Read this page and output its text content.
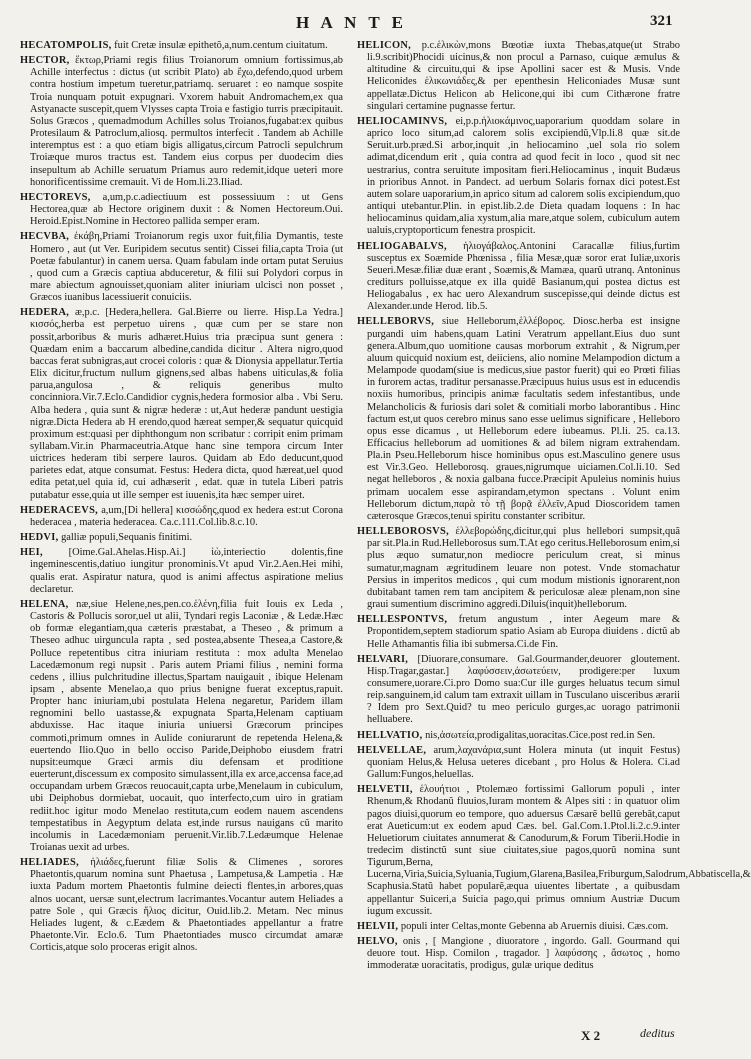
H A N T E	321

HECATOMPOLIS, fuit Cretæ insulæ epithetõ,a,num.centum ciuitatum.

HECTOR, ἕκτωρ,Priami regis filius Troianorum omnium fortissimus,ab Achille interfectus : dictus (ut scribit Plato) ab ἔχω,defendo,quod urbem contra hostium impetum tueretur,patriamq. seruaret : eo namque sospite Troia nunquam potuit expugnari. Vxorem habuit Andromachem,ex qua Astyanacte suscepit,quem Vlysses capta Troia e fastigio turris præcipitauit. Solus Græcos , quemadmodum Achilles solus Troianos,fugabat:ex quibus Protesilaum & Patroclum,aliosq. permultos interfecit . Tandem ab Achille interemptus est : a quo etiam bigis alligatus,circum Patrocli sepulchrum Troiæque muros tractus est. Tandem eius corpus per duodecim dies insepultum ab Achille seruatum Priamus auro redemit,idque ueteri more honorificentissime cremauit. Vi de Hom.li.23.Iliad.

HECTOREVS, a,um,p.c.adiectiuum est possessiuum : ut Gens Hectorea,quæ ab Hectore originem duxit : & Nomen Hectoreum.Oui. Heroid.Epist.Nomine in Hectoreo pallida semper eram.

HECVBA, ἑκάβη,Priami Troianorum regis uxor fuit,filia Dymantis, teste Homero , aut (ut Ver. Euripidem secutus sentit) Cissei filia,capta Troia (ut Poetæ fabulantur) in canem uersa. Quam fabulam inde ortam putat Seruius , quod cum a Græcis captiua abduceretur, & filii sui Polydori corpus in mare abiectum agnouisset,quoniam aliter iniuriam ulcisci non posset , Græcos iuanibus lacessiuerit conuiciis.

HEDERA, æ,p.c. [Hedera,hellera. Gal.Bierre ou lierre. Hisp.La Yedra.] κισσός,herba est perpetuo uirens , quæ cum per se stare non possit,arboribus & muris adhæret.Huius tria præcipua sunt genera : Quædam enim a baccarum albedine,candida dicitur . Altera nigro,quod baccas ferat subnigras,aut crocei coloris : quæ & Dionysia appellatur.Tertia Elix dicitur,fructum nullum gignens,sed albas habens uiticulas,& folia parua,angulosa , & reliquis generibus multo concinniora.Vir.7.Eclo.Candidior cygnis,hedera formosior alba . Vbi Seru. Alba hedera , quia sunt & nigræ hederæ : ut,Aut hederæ pandunt uestigia nigræ.Dicta Hedera ab H erendo,quod hæreat semper,& sequatur quicquid proximum est:quasi per diphthongum non scribatur : corripit enim primam syllabam.Vir.in Pharmaceutria.Atque hanc sine tempora circum Inter uictrices hederam tibi serpere lauros. Quidam ab Edo deducunt,quod parietes edat, atque consumat. Festus: Hedera dicta, quod hæreat,uel quod edita petat,uel quia id, cui adhæserit , edat. quæ in tutela Liberi patris putabatur esse,quia ut ille semper est iuuenis,ita hæc semper uiret.

HEDERACEVS, a,um,[Di hellera] κισσώδης,quod ex hedera est:ut Corona hederacea , materia hederacea. Ca.c.111.Col.lib.8.c.10.

HEDVI, galliæ populi,Sequanis finitimi.

HEI, [Oime.Gal.Ahelas.Hisp.Ai.] ἰὼ,interiectio dolentis,fine ingeminescentis,datiuo iungitur pronominis.Vt apud Vir.2.Aen.Hei mihi, qualis erat. Aspiratur natura, quod is animi affectus aspiratione melius declaretur.

HELENA, næ,siue Helene,nes,pen.co.ἑλένη,filia fuit Iouis ex Leda , Castoris & Pollucis soror,uel ut alii, Tyndari regis Laconiæ , & Ledæ.Hæc ob formæ elegantiam,qua cæteris præstabat, a Theseo , & primum a Theseo adhuc uirguncula rapta , sed postea,absente Thesea,a Castore,& Polluce repetentibus citra iniuriam restituta : mox adulta Menelao Lacedæmonum regi nupsit . Paris autem Priami filius , nemini forma cedens , illius pulchritudine illectus,Spartam nauigauit , ibique Helenam ipsam , absente Menelao,a quo prius benigne fuerat exceptus,rapuit. Propter hanc iniuriam,ubi postulata Helena negaretur, Paridem illam regnomini bello uastasse,& expugnata Sparta,Helenam captiuam abduxisse. Hac itaque iniuria uniuersi Græcorum principes commoti,primum omnes in Aulide coniurarunt de repetenda Helena,& euertendo Ilio.Quo in bello occiso Paride,Deiphobo eiusdem fratri nupsit:eumque Græci armis diu defensam et proditione euerterunt,discessum ex composito simulassent,illa ex arce,accensa face,ad occupandam urbem Græcos reuocauit,capta urbe,Menelaum in cubiculum, ubi Deiphobus dormiebat, uocauit, quo interfecto,cum uiro in gratiam rediit.hoc igitur modo Menelao restituta,cum eodem nauem ascendens tempestatibus in Aegyptum delata est,inde rursus nauigans cũ marito incolumis in Lacedæmoniam peruenit.Vir.lib.7.Ledæumque Helenae Troianas uexit ad urbes.

HELIADES, ἡλιάδες,fuerunt filiæ Solis & Climenes , sorores Phaetontis,quarum nomina sunt Phaetusa , Lampetusa,& Lampetia . Hæ iuxta Padum mortem Phaetontis fulmine deiecti flentes,in arbores,quas alnos uocant, uersæ sunt,electrum lacrimantes.Vocantur autem Heliades a patre Sole , qui Græcis ἥλιος dicitur, Ouid.lib.2. Metam. Nec minus Heliades lugent, & c.Eædem & Phaetontiades appellantur a fratre Phaetonte.Vir. Eclo.6. Tum Phaetontiades musco circumdat amaræ Corticis,atque solo proceras erigit alnos.

HELICON, p.c.ἑλικὼν,mons Bœotiæ iuxta Thebas,atque(ut Strabo li.9.scribit)Phocidi uicinus,& non procul a Parnaso, cuique æmulus & altitudine & circuitu,qui & ipse Apollini sacer est & Musis. Vnde Heliconides ἑλικωνιάδες,& per epenthesin Heliconiades Musæ sunt appellatæ.Dictus Helicon ab Helicone,qui ibi cum Cithærone fratre singulari certamine pugnasse fertur.

HELIOCAMINVS, ei,p.p.ἡλιοκάμινος,uaporarium quoddam solare in aprico loco situm,ad calorem solis excipiendũ,Vlp.li.8 quæ sit.de Seruit.urb.præd.Si arbor,inquit ,in heliocamino ,uel sola rio solem adimat,dicendum erit , quia contra ad quod fecit in loco , quod sit nec uestrarius, contra seruitute impositam fieri.Heliocaminus , inquit Budæus in prioribus Annot. in Pandect. ad uerbum Solaris fornax dici potest.Est autem solare uaporarium,in aprico situm ad calorem solis excipiendum,quo antiqui utebantur.Plin. in epist.lib.2.de Dieta quadam loquens : In hac heliocaminus quidam,alia xystum,alia mare,atque solem, cubiculum autem ualuis,cryptoporticum fenestra prospicit.

HELIOGABALVS, ἡλιογάβαλος.Antonini Caracallæ filius,furtim susceptus ex Soæmide Phœnissa , filia Mesæ,quæ soror erat Iuliæ,uxoris Seueri.Mesæ.filiæ duæ erant , Soæmis,& Mamæa, quarũ utranq. Antoninus crediturs polluisse,atque ex illa quidẽ Basianum,qui postea dictus est Heliogabalus , ex hac uero Alexandrum suscepisse,qui deinde dictus est Alexander.unde Herod. lib.5.

HELLEBORVS, siue Helleborum,ἑλλέβορος. Diosc.herba est insigne purgandi uim habens,quam Latini Veratrum appellant.Eius duo sunt genera.Album,quo uomitione causas morborum extrahit , & Nigrum,per aluum quicquid noxium est, deiiciens, alio nomine Melampodion dictum a Melampode quodam(siue is medicus,siue pastor fuerit) qui eo Prœti filias in furorem actas, traditur persanasse.Præcipuus huius usus est in educendis noxiis humoribus, principis animæ facultatis sedem infestantibus, unde Melancholicis & furiosis dari solet & comitiali morbo laborantibus . Hinc factum est,ut quos cerebro minus sano esse uelimus significare , Helleboro opus esse dicamus , ut Helleborum edere iubeamus. Pl.li. 25. ca.13. Efficacius helleborum ad uomitiones & ad bilem nigram extrahendam. Pla.in Pseu.Helleborum hisce hominibus opus est.Masculino genere usus est Vir.3.Geo. Helleborosq. graues,nigrumque uiciamen.Col.li.10. Sed negat helleboros , & noxia galbana fucce.Præcipit Apuleius nominis huius primam uocalem esse aspirandam,etymon spectans . Volunt enim Helleborum dictum,παρὰ τὸ τῇ βορᾷ ἐλλεῖν,Apud Dioscoridem tamen cæterosque Græcos,tenui spiritu constanter scribitur.

HELLEBOROSVS, ἑλλεβορώδης,dicitur,qui plus hellebori sumpsit,quã par sit.Pla.in Rud.Helleborosus sum.T.At ego ceritus.Helleborosum enim,si plus æquo sumatur,non mediocre periculum creat, si minus sumatur,magnam ægritudinem leuare non potest. Vnde stomachatur Persius in imperitos medicos , qui cum modum mistionis ignorarent,non dubitabant tamen rem tam ancipitem & periculosæ aleæ plenam,non sine graui sumentium discrimino aggredi.Diluis(inquit)helleborum.

HELLESPONTVS, fretum angustum , inter Aegeum mare & Propontidem,septem stadiorum spatio Asiam ab Europa diuidens . dictũ ab Helle Athamantis filia ibi submersa.Ci.de Fin.

HELVARI, [Diuorare,consumare. Gal.Gourmander,deuorer gloutement. Hisp.Tragar,gastar.] λαφύσσειν,ἀσωτεύειν, prodigere:per luxum consumere,uorare.Ci.pro Domo sua:Cur ille gurges heluatus tecum simul reip.sanguinem,id calum tam extraxit uillam in Tusculano uisceribus ærarii ? Idem pro Sext.Quid? tu meo periculo gurges,ac uorago patrimonii helluabere.

HELLVATIO, nis,ἀσωτεία,prodigalitas,uoracitas.Cice.post red.in Sen.

HELVELLAE, arum,λαχανάρια,sunt Holera minuta (ut inquit Festus) quoniam Helus,& Helusa ueteres dicebant , pro Holus & Holera. Ci.ad Gallum:Fungos,heluellas.

HELVETII, ἑλουήτιοι , Ptolemæo fortissimi Gallorum populi , inter Rhenum,& Rhodanũ fluuios,Iuram montem & Alpes siti : in quatuor olim pagos diuisi,quorum eo tempore, quo aduersus Cæsarẽ bellũ gerebãt,caput erat Aueticum:ut ex eodem apud Cæs. bel. Gal.Com.1.Ptol.li.2.c.9.inter Heluetiorum ciuitates annumerat & Canodurum,& Forum Tiberii.Hodie in tredecim distinctũ sunt siue ciuitates,siue pagos,quorũ nomina sunt Tigurum,Berna, Lucerna,Viria,Suicia,Syluania,Tugium,Glarena,Basilea,Friburgum,Salodrum,Abbatiscella,& Scaphusia.Statũ habet popularẽ,æqua uiuentes libertate , a quibusdam appellantur Suiceri,a Suicia pago,qui primus omnium Austriæ Ducum iugum excussit.

HELVII, populi inter Celtas,monte Gebenna ab Aruernis diuisi. Cæs.com.

HELVO, onis , [ Mangione , diuoratore , ingordo. Gall. Gourmand qui deuore tout. Hisp. Comilon , tragador. ] λαφύσσης , ἄσωτος , homo immoderatæ uoracitatis, prodigus, gulæ urique deditus

X 2	deditus
